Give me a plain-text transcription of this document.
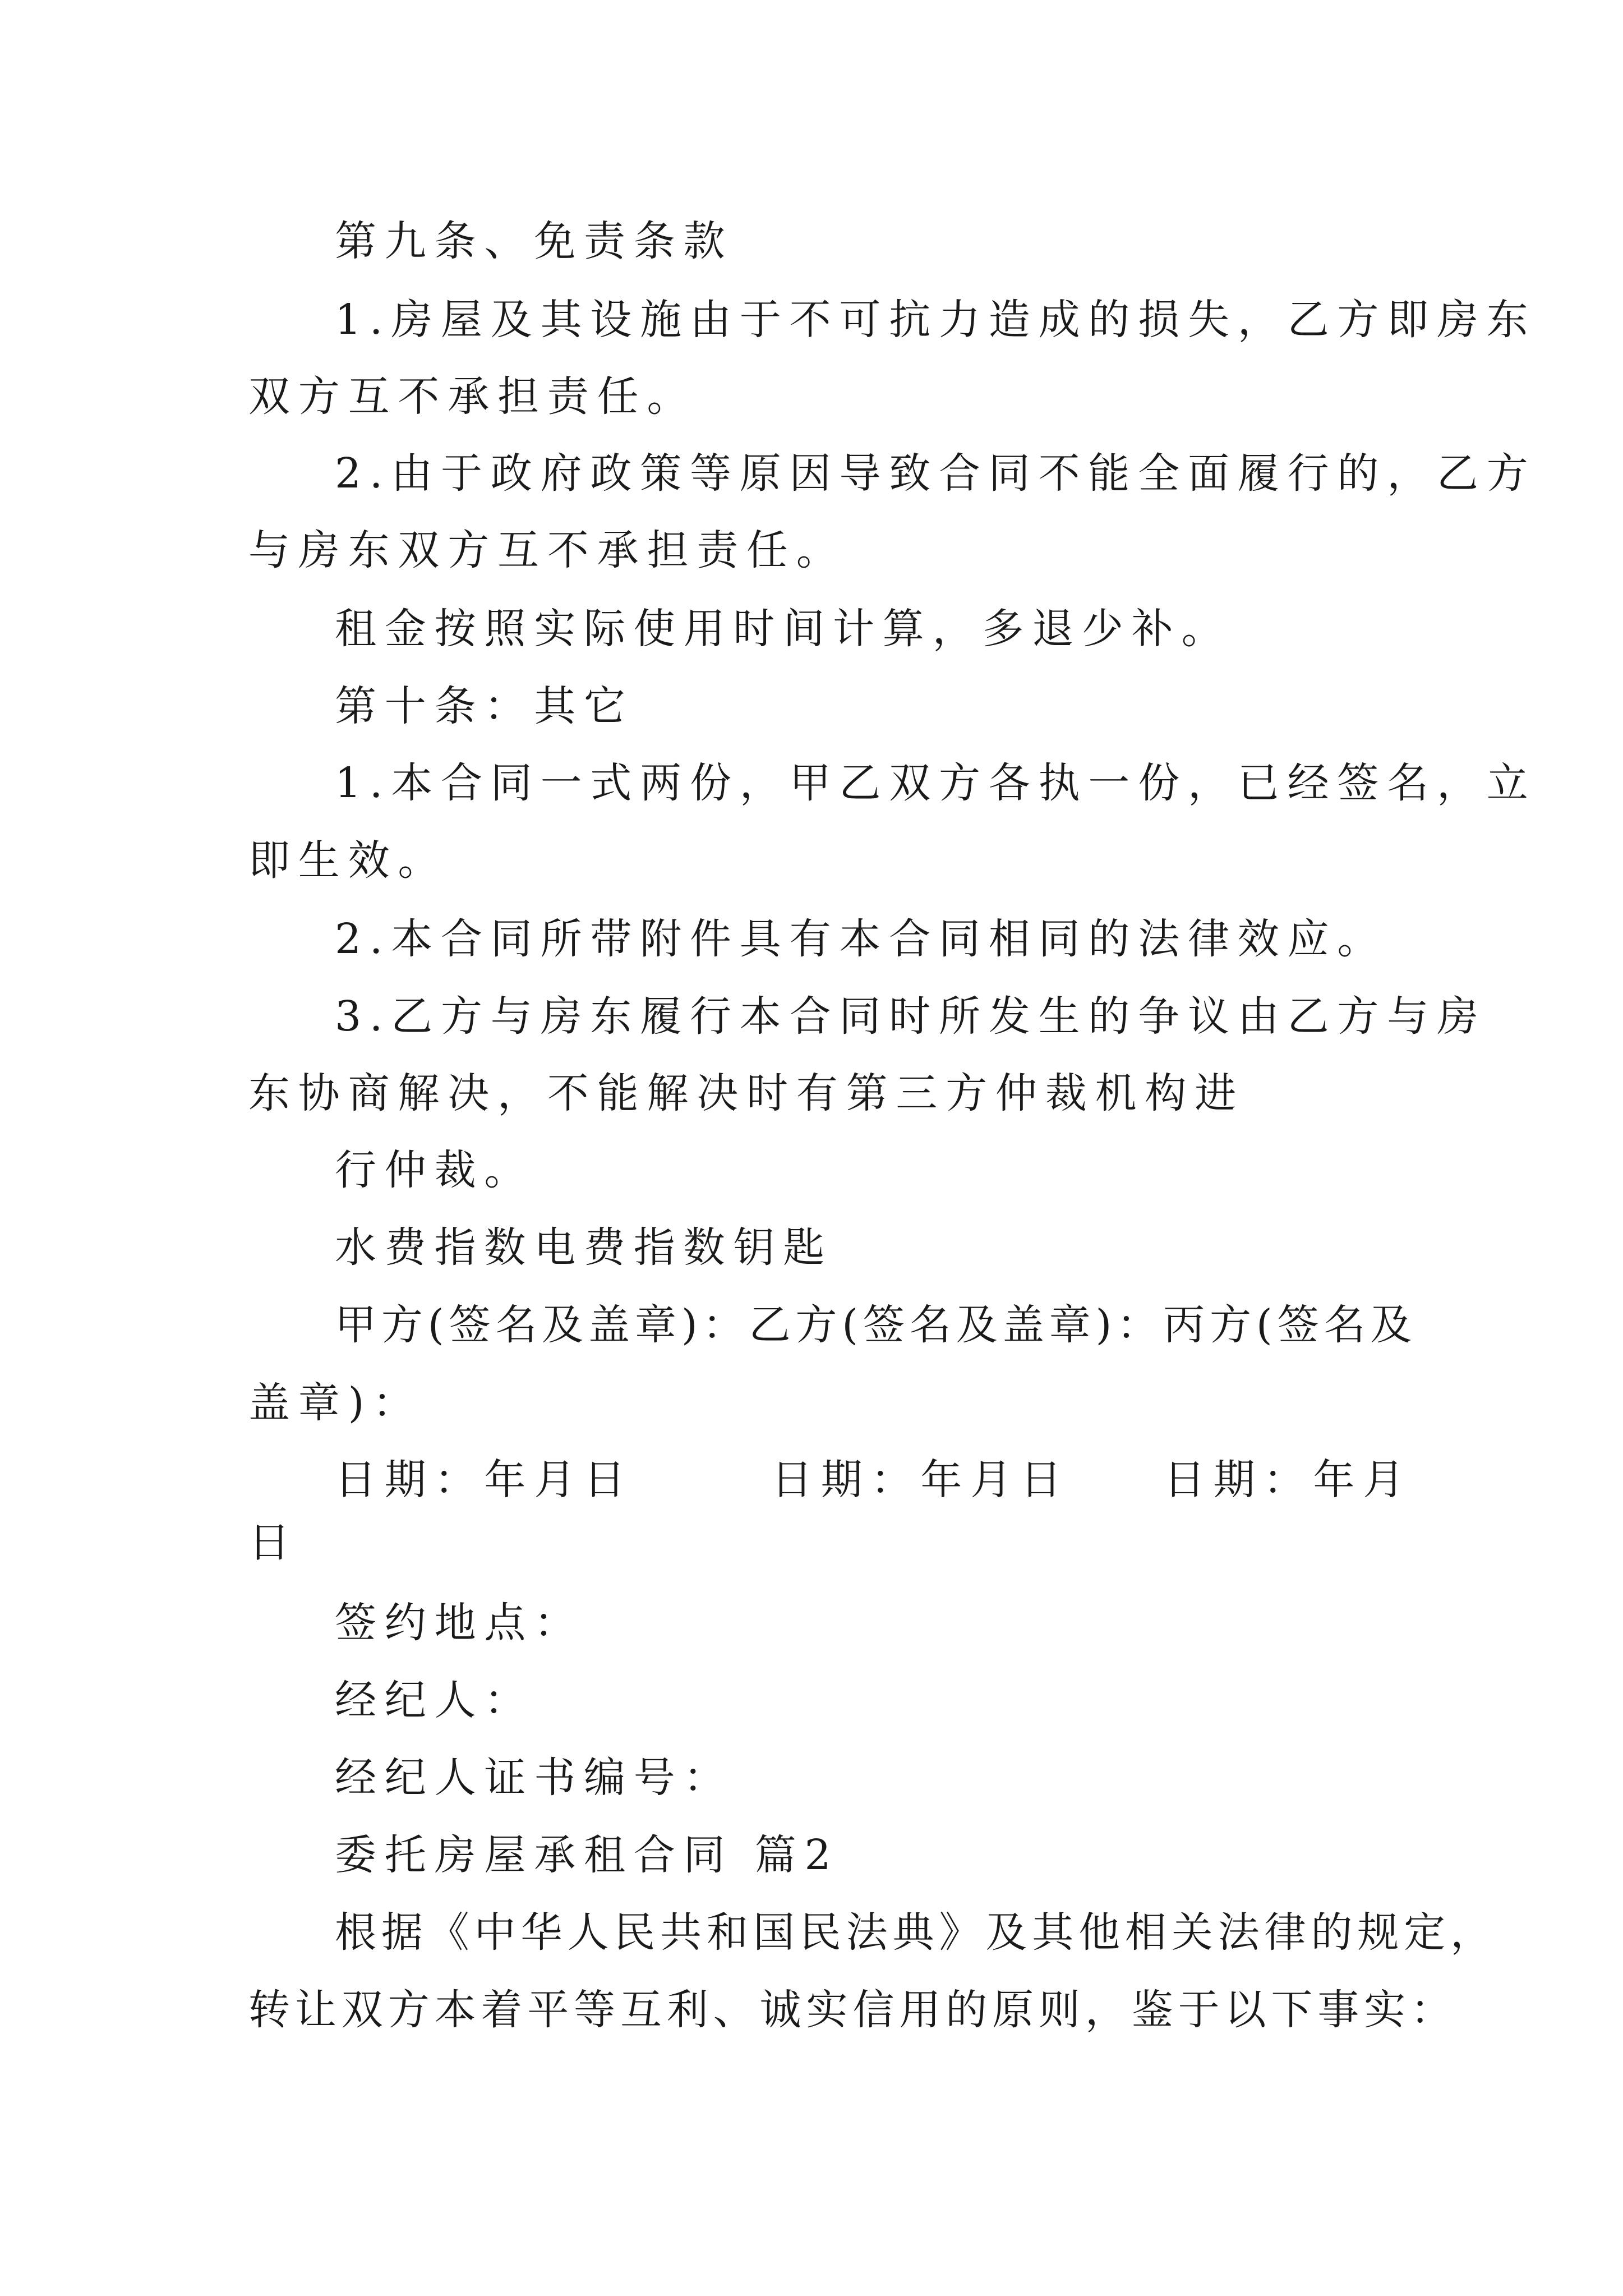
第九条、免责条款
1.房屋及其设施由于不可抗力造成的损失，乙方即房东
双方互不承担责任。
2.由于政府政策等原因导致合同不能全面履行的，乙方
与房东双方互不承担责任。
租金按照实际使用时间计算，多退少补。
第十条：其它
1.本合同一式两份，甲乙双方各执一份，已经签名，立
即生效。
2.本合同所带附件具有本合同相同的法律效应。
3.乙方与房东履行本合同时所发生的争议由乙方与房
东协商解决，不能解决时有第三方仲裁机构进
行仲裁。
水费指数电费指数钥匙
甲方(签名及盖章)：乙方(签名及盖章)：丙方(签名及
盖章)：
日期：年月日	日期：年月日 日期：年月
日
签约地点：
经纪人：
经纪人证书编号：
委托房屋承租合同 篇2
根据《中华人民共和国民法典》及其他相关法律的规定，
转让双方本着平等互利、诚实信用的原则，鉴于以下事实：
